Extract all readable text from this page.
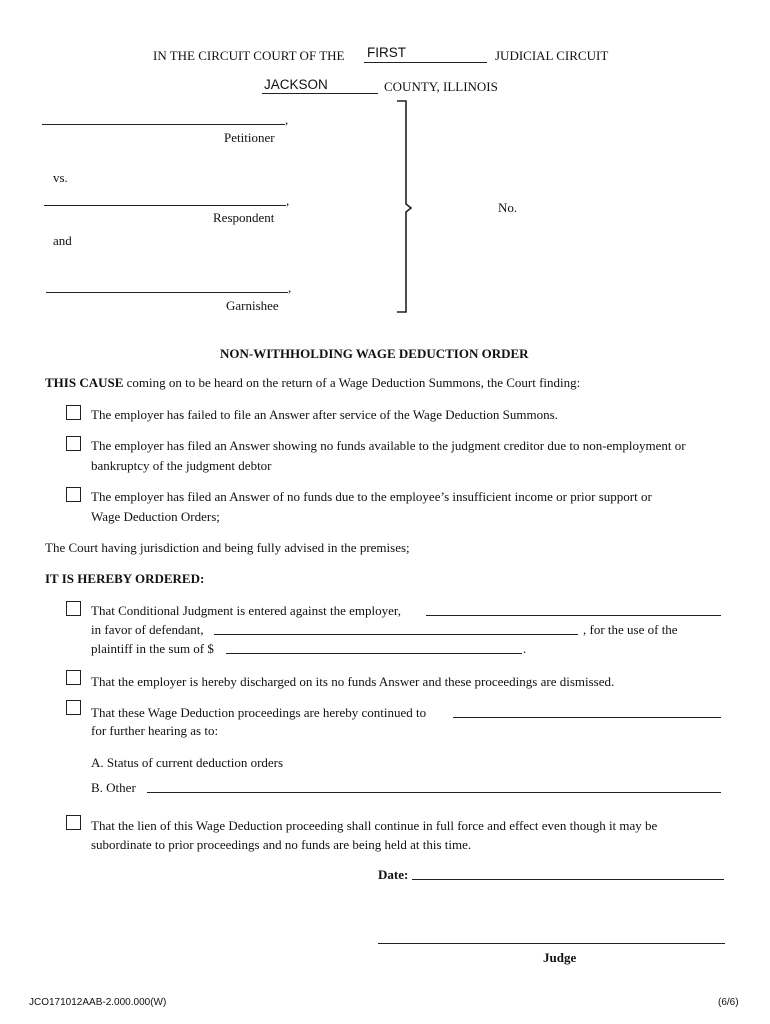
IN THE CIRCUIT COURT OF THE FIRST	JUDICIAL CIRCUIT
JACKSON	COUNTY, ILLINOIS
,
Petitioner
vs.
,
Respondent
and
,
Garnishee
No.
NON-WITHHOLDING WAGE DEDUCTION ORDER
THIS CAUSE coming on to be heard on the return of a Wage Deduction Summons, the Court finding:
The employer has failed to file an Answer after service of the Wage Deduction Summons.
The employer has filed an Answer showing no funds available to the judgment creditor due to non-employment or
bankruptcy of the judgment debtor
The employer has filed an Answer of no funds due to the employee’s insufficient income or prior support or
Wage Deduction Orders;
The Court having jurisdiction and being fully advised in the premises;
IT IS HEREBY ORDERED:
That Conditional Judgment is entered against the employer,
in favor of defendant,	, for the use of the
plaintiff in the sum of $	.
That the employer is hereby discharged on its no funds Answer and these proceedings are dismissed.
That these Wage Deduction proceedings are hereby continued to
for further hearing as to:
A. Status of current deduction orders
B. Other
That the lien of this Wage Deduction proceeding shall continue in full force and effect even though it may be
subordinate to prior proceedings and no funds are being held at this time.
Date:
Judge
JCO171012AAB-2.000.000(W)	(6/6)
